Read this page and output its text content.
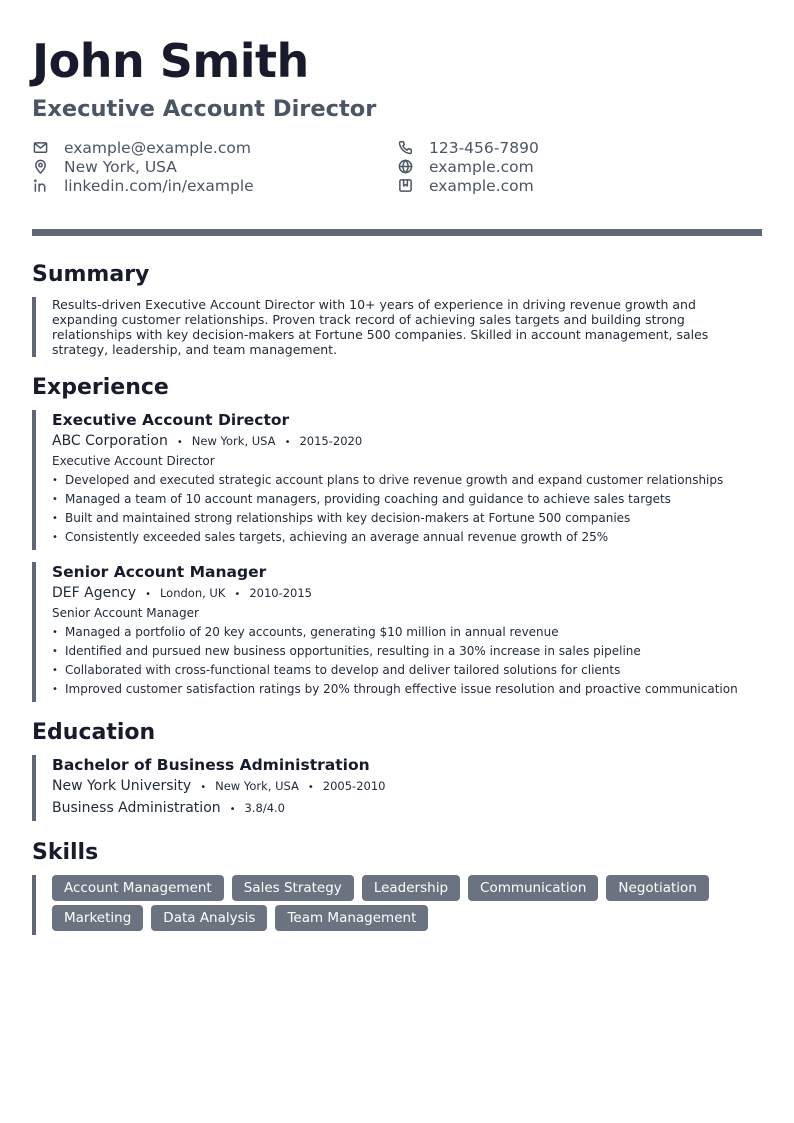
John Smith
Executive Account Director
example@example.com	123-456-7890
New York, USA	example.com
linkedin.com/in/example	example.com
Summary

Results-driven Executive Account Director with 10+ years of experience in driving revenue growth and expanding customer relationships. Proven track record of achieving sales targets and building strong relationships with key decision-makers at Fortune 500 companies. Skilled in account management, sales strategy, leadership, and team management.

Experience
Executive Account Director
ABC Corporation • New York, USA • 2015-2020
Executive Account Director
• Developed and executed strategic account plans to drive revenue growth and expand customer relationships
• Managed a team of 10 account managers, providing coaching and guidance to achieve sales targets
• Built and maintained strong relationships with key decision-makers at Fortune 500 companies
• Consistently exceeded sales targets, achieving an average annual revenue growth of 25%
Senior Account Manager
DEF Agency • London, UK • 2010-2015
Senior Account Manager
• Managed a portfolio of 20 key accounts, generating $10 million in annual revenue
• Identified and pursued new business opportunities, resulting in a 30% increase in sales pipeline
• Collaborated with cross-functional teams to develop and deliver tailored solutions for clients
• Improved customer satisfaction ratings by 20% through effective issue resolution and proactive communication
Education
Bachelor of Business Administration
New York University • New York, USA • 2005-2010
Business Administration • 3.8/4.0
Skills
Account Management	Sales Strategy	Leadership	Communication	Negotiation
Marketing	Data Analysis	Team Management
